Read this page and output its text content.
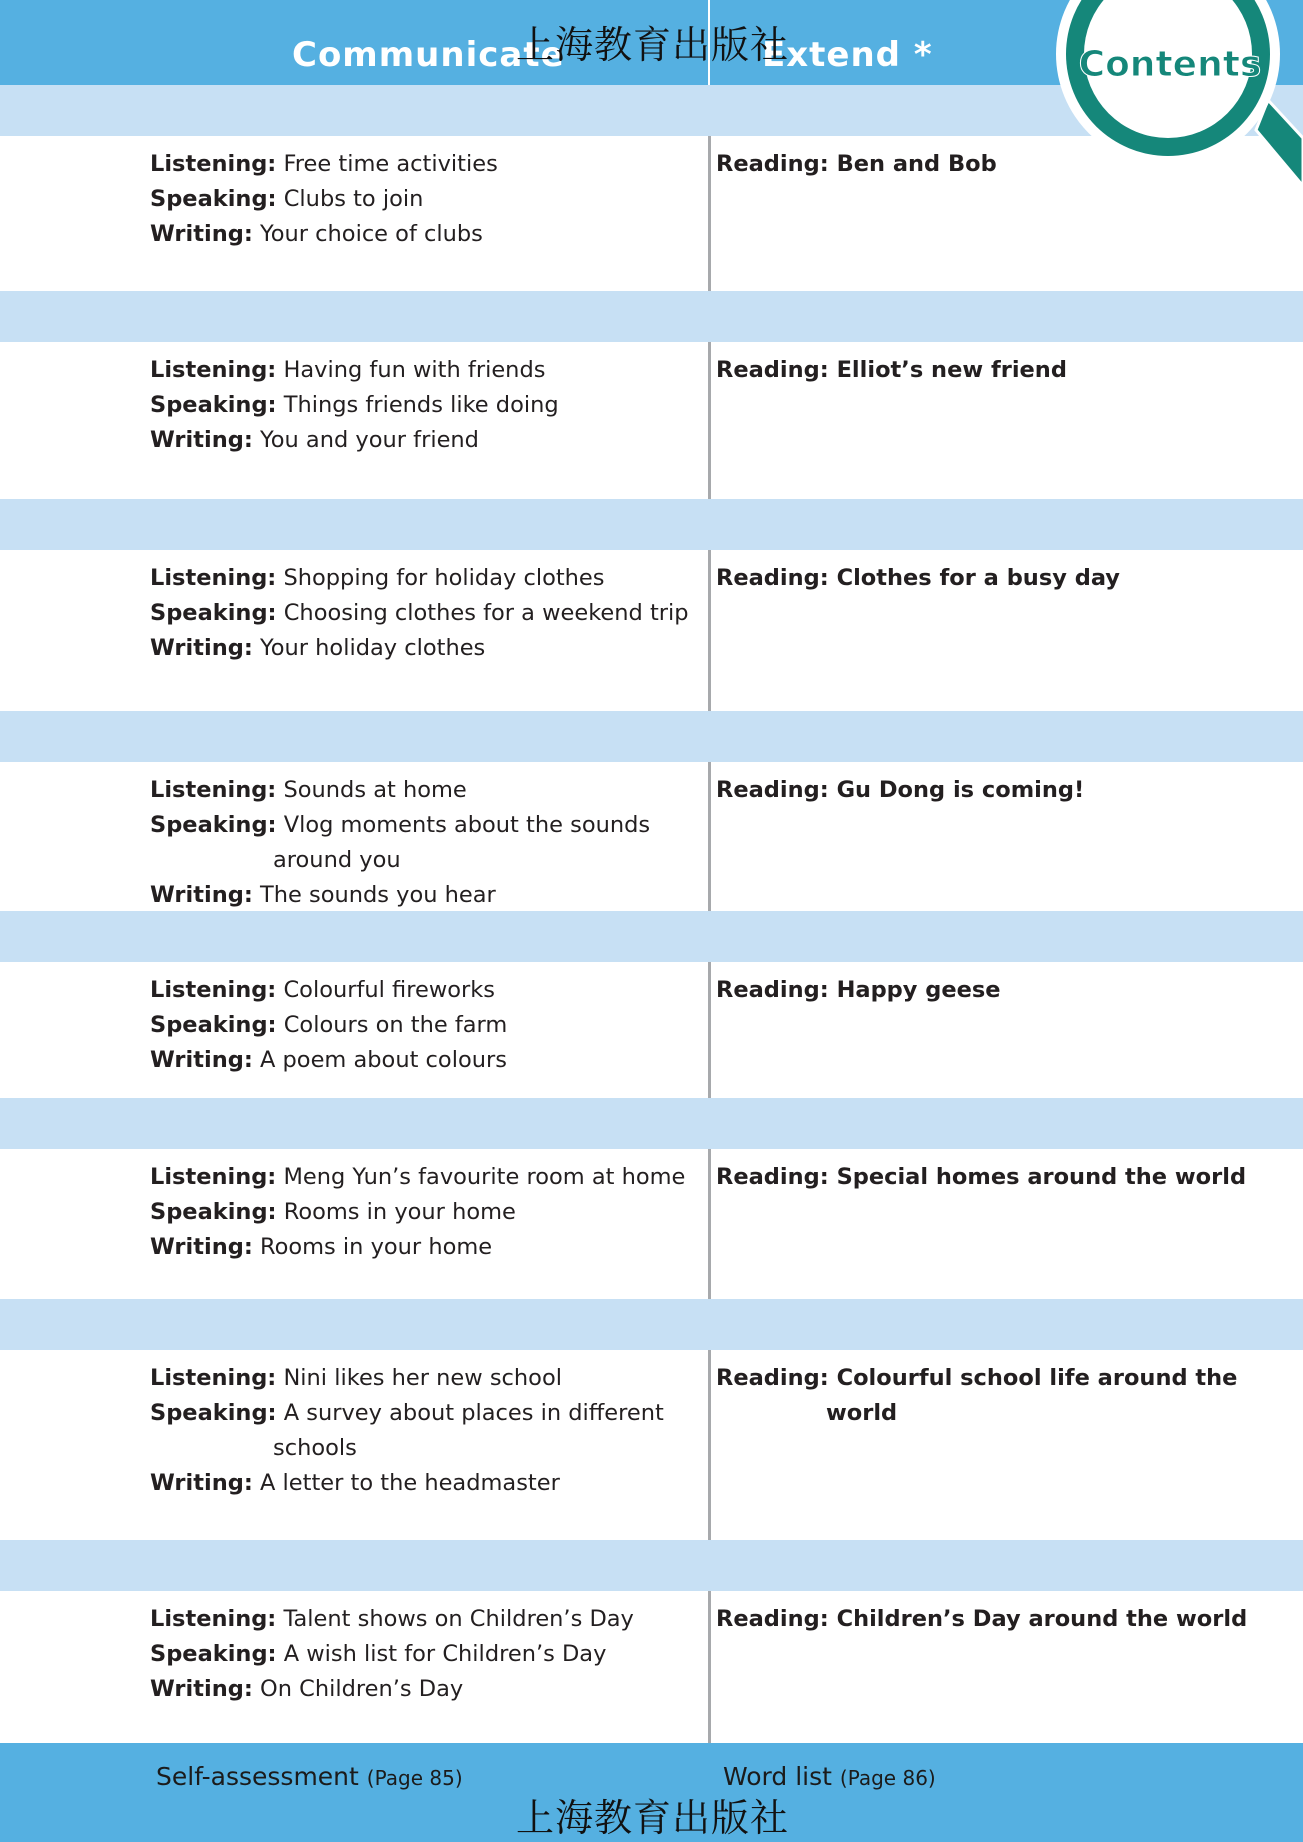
Communicate	Extend *	Contents
Listening: Free time activities
Speaking: Clubs to join
Writing: Your choice of clubs
Reading: Ben and Bob
Listening: Having fun with friends
Speaking: Things friends like doing
Writing: You and your friend
Reading: Elliot’s new friend
Listening: Shopping for holiday clothes
Speaking: Choosing clothes for a weekend trip
Writing: Your holiday clothes
Reading: Clothes for a busy day
Listening: Sounds at home
Speaking: Vlog moments about the sounds
around you
Writing: The sounds you hear
Reading: Gu Dong is coming!
Listening: Colourful fireworks
Speaking: Colours on the farm
Writing: A poem about colours
Reading: Happy geese
Listening: Meng Yun’s favourite room at home
Speaking: Rooms in your home
Writing: Rooms in your home
Reading: Special homes around the world
Listening: Nini likes her new school
Speaking: A survey about places in different
schools
Writing: A letter to the headmaster
Reading: Colourful school life around the
world
Listening: Talent shows on Children’s Day
Speaking: A wish list for Children’s Day
Writing: On Children’s Day
Reading: Children’s Day around the world
Self-assessment (Page 85)	Word list (Page 86)
上海教育出版社
上海教育出版社
